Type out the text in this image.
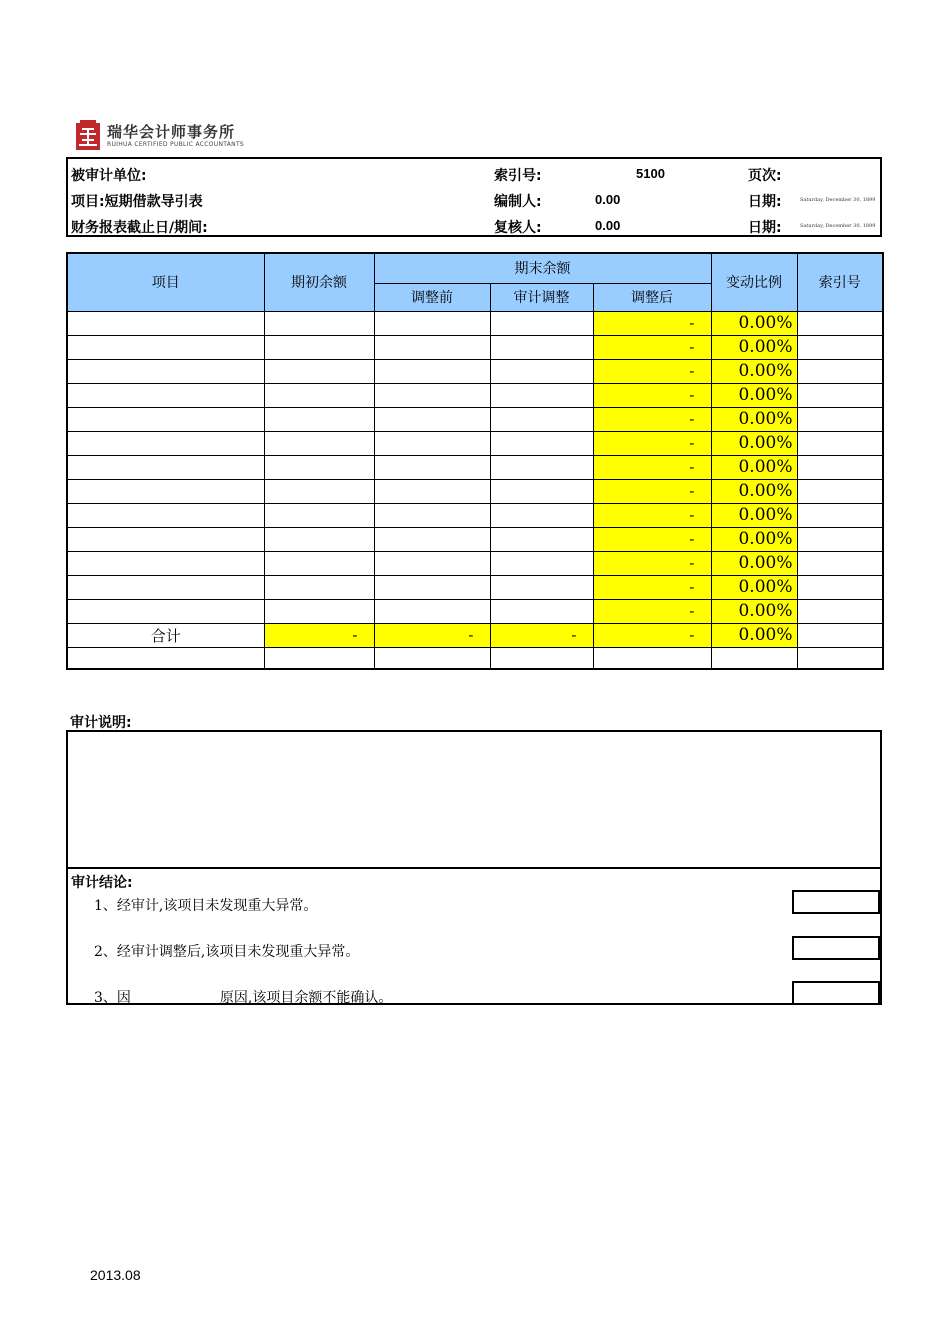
瑞华会计师事务所
RUIHUA CERTIFIED PUBLIC ACCOUNTANTS
被审计单位:
项目:短期借款导引表
财务报表截止日/期间:
索引号:	5100
编制人:	0.00
复核人:	0.00
页次:
日期:	Saturday, December 30, 1899
日期:	Saturday, December 30, 1899
项目	期初余额	期末余额			变动比例	索引号
		调整前	审计调整	调整后		
				-	0.00%	
				-	0.00%	
				-	0.00%	
				-	0.00%	
				-	0.00%	
				-	0.00%	
				-	0.00%	
				-	0.00%	
				-	0.00%	
				-	0.00%	
				-	0.00%	
				-	0.00%	
				-	0.00%	
合计	-	-	-	-	0.00%	

审计说明:
审计结论:
1、经审计,该项目未发现重大异常。
2、经审计调整后,该项目未发现重大异常。
3、因                    原因,该项目余额不能确认。
2013.08
